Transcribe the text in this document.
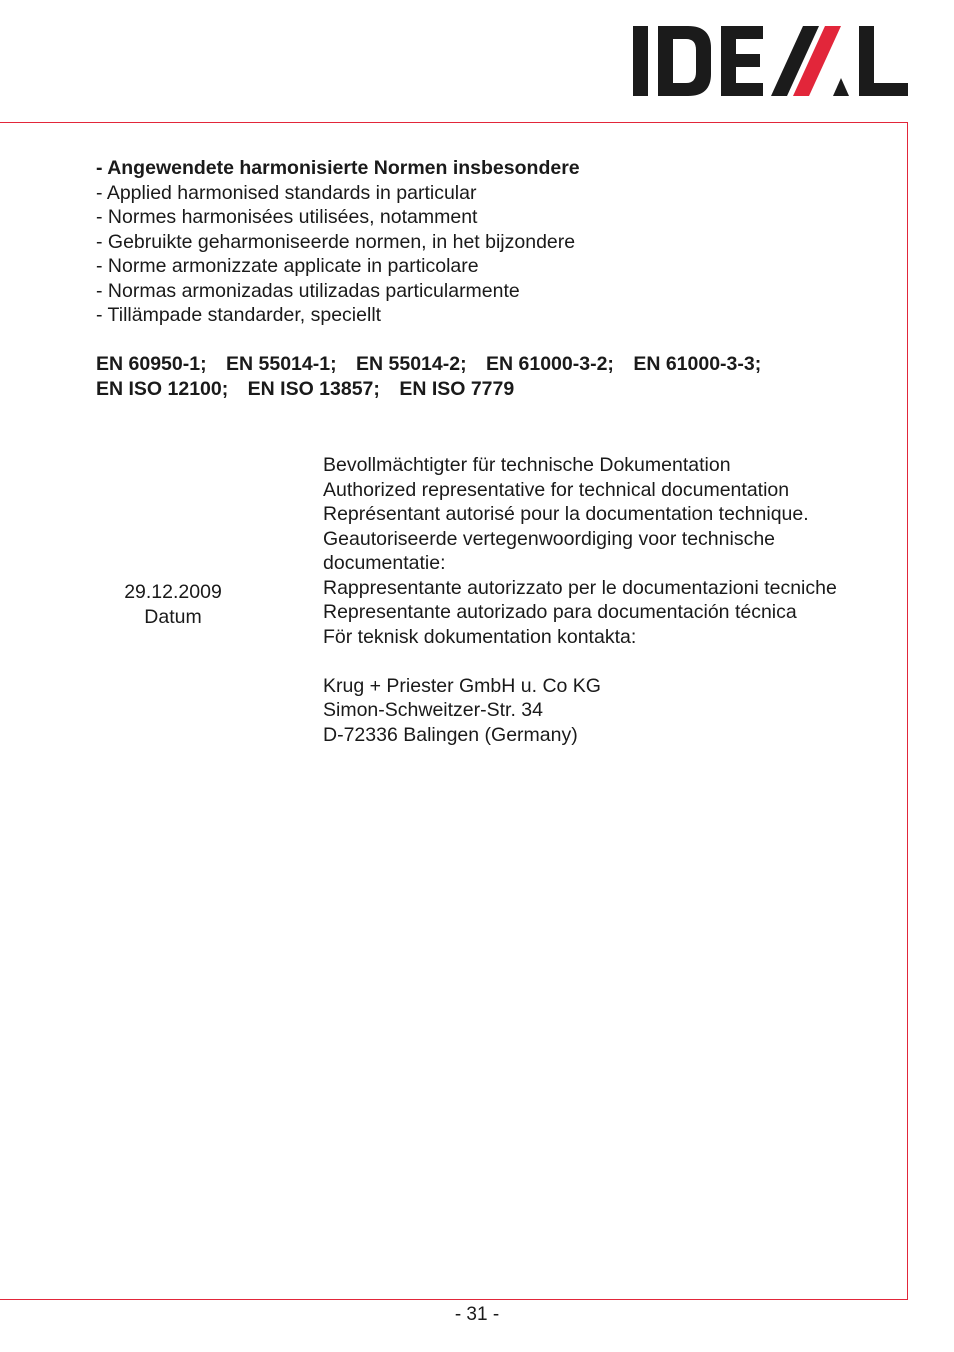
- Angewendete harmonisierte Normen insbesondere
- Applied harmonised standards in particular
- Normes harmonisées utilisées, notamment
- Gebruikte geharmoniseerde normen, in het bijzondere
- Norme armonizzate applicate in particolare
- Normas armonizadas utilizadas particularmente
- Tillämpade standarder, speciellt
EN 60950-1; EN 55014-1; EN 55014-2; EN 61000-3-2; EN 61000-3-3;
EN ISO 12100; EN ISO 13857; EN ISO 7779
29.12.2009
Datum
Bevollmächtigter für technische Dokumentation
Authorized representative for technical documentation
Représentant autorisé pour la documentation technique.
Geautoriseerde vertegenwoordiging voor technische
documentatie:
Rappresentante autorizzato per le documentazioni tecniche
Representante autorizado para documentación técnica
För teknisk dokumentation kontakta:
Krug + Priester GmbH u. Co KG
Simon-Schweitzer-Str. 34
D-72336 Balingen (Germany)
- 31 -
